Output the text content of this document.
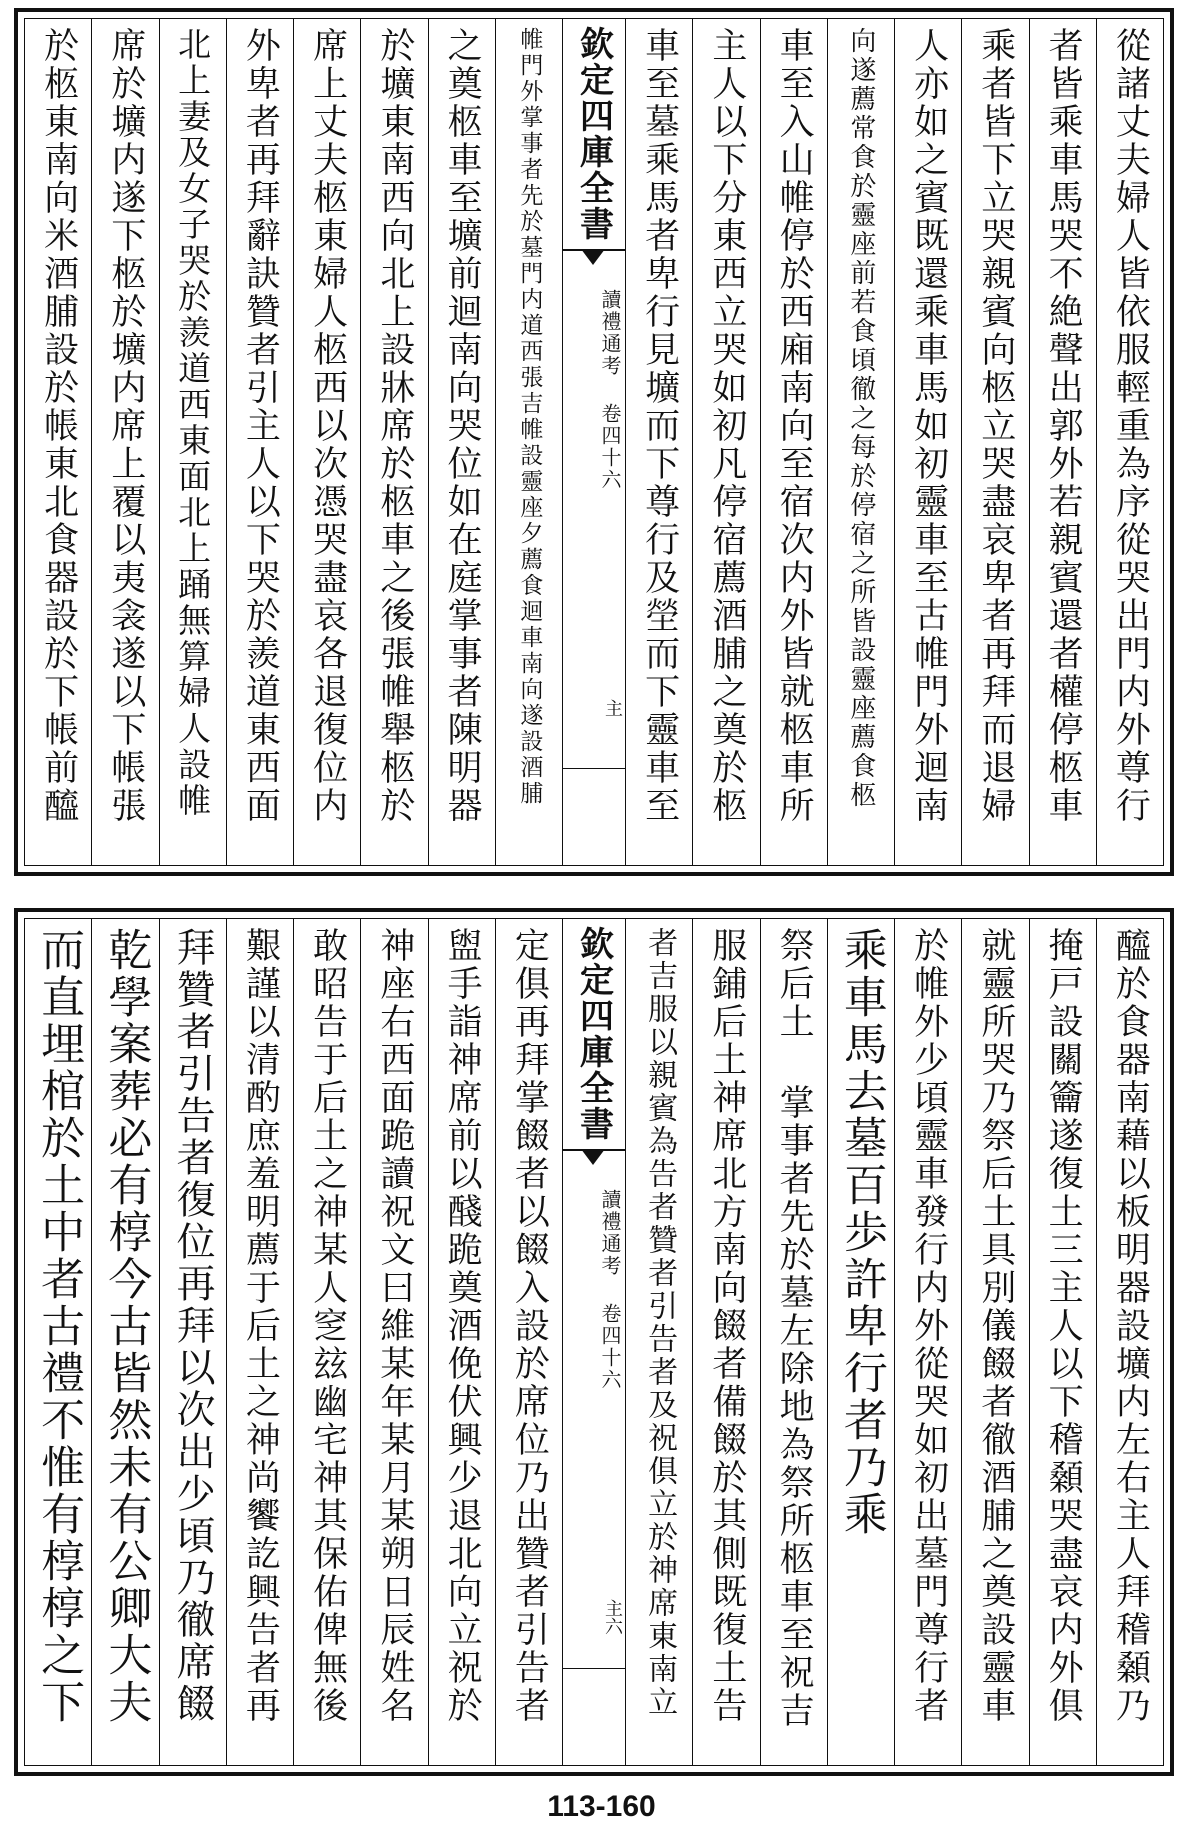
從諸丈夫婦人皆依服輕重為序從哭出門内外尊行
者皆乘車馬哭不絶聲出郭外若親賓還者權停柩車
乘者皆下立哭親賓向柩立哭盡哀卑者再拜而退婦
人亦如之賓既還乘車馬如初靈車至古帷門外迴南
向遂薦常食於靈座前若食頃徹之每於停宿之所皆設靈座薦食柩
車至入山帷停於西廂南向至宿次内外皆就柩車所
主人以下分東西立哭如初凡停宿薦酒脯之奠於柩
車至墓乘馬者卑行見壙而下尊行及塋而下靈車至
欽定四庫全書
讀禮通考

卷四十六
主
帷門外掌事者先於墓門内道西張吉帷設靈座夕薦食迴車南向遂設酒脯
之奠柩車至壙前迴南向哭位如在庭掌事者陳明器
於壙東南西向北上設牀席於柩車之後張帷舉柩於
席上丈夫柩東婦人柩西以次憑哭盡哀各退復位内
外卑者再拜辭訣贊者引主人以下哭於羨道東西面
北上妻及女子哭於羨道西東面北上踊無算婦人設帷
席於壙内遂下柩於壙内席上覆以夷衾遂以下帳張
於柩東南向米酒脯設於帳東北食器設於下帳前醯
醯於食器南藉以板明器設壙内左右主人拜稽顙乃
掩戸設關籥遂復土三主人以下稽顙哭盡哀内外俱
就靈所哭乃祭后土具別儀餟者徹酒脯之奠設靈車
於帷外少頃靈車發行内外從哭如初出墓門尊行者
乘車馬去墓百歩許卑行者乃乘
祭后土 掌事者先於墓左除地為祭所柩車至祝吉
服鋪后土神席北方南向餟者備餟於其側既復土告
者吉服以親賓為告者贊者引告者及祝俱立於神席東南立
欽定四庫全書
讀禮通考

卷四十六
主六
定俱再拜掌餟者以餟入設於席位乃出贊者引告者
盥手詣神席前以醆跪奠酒俛伏興少退北向立祝於
神座右西面跪讀祝文曰維某年某月某朔日辰姓名
敢昭告于后土之神某人窆玆幽宅神其保佑俾無後
艱謹以清酌庶羞明薦于后土之神尚饗訖興告者再
拜贊者引告者復位再拜以次出少頃乃徹席餟
乾學案葬必有椁今古皆然未有公卿大夫
而直埋棺於土中者古禮不惟有椁椁之下
113-160
